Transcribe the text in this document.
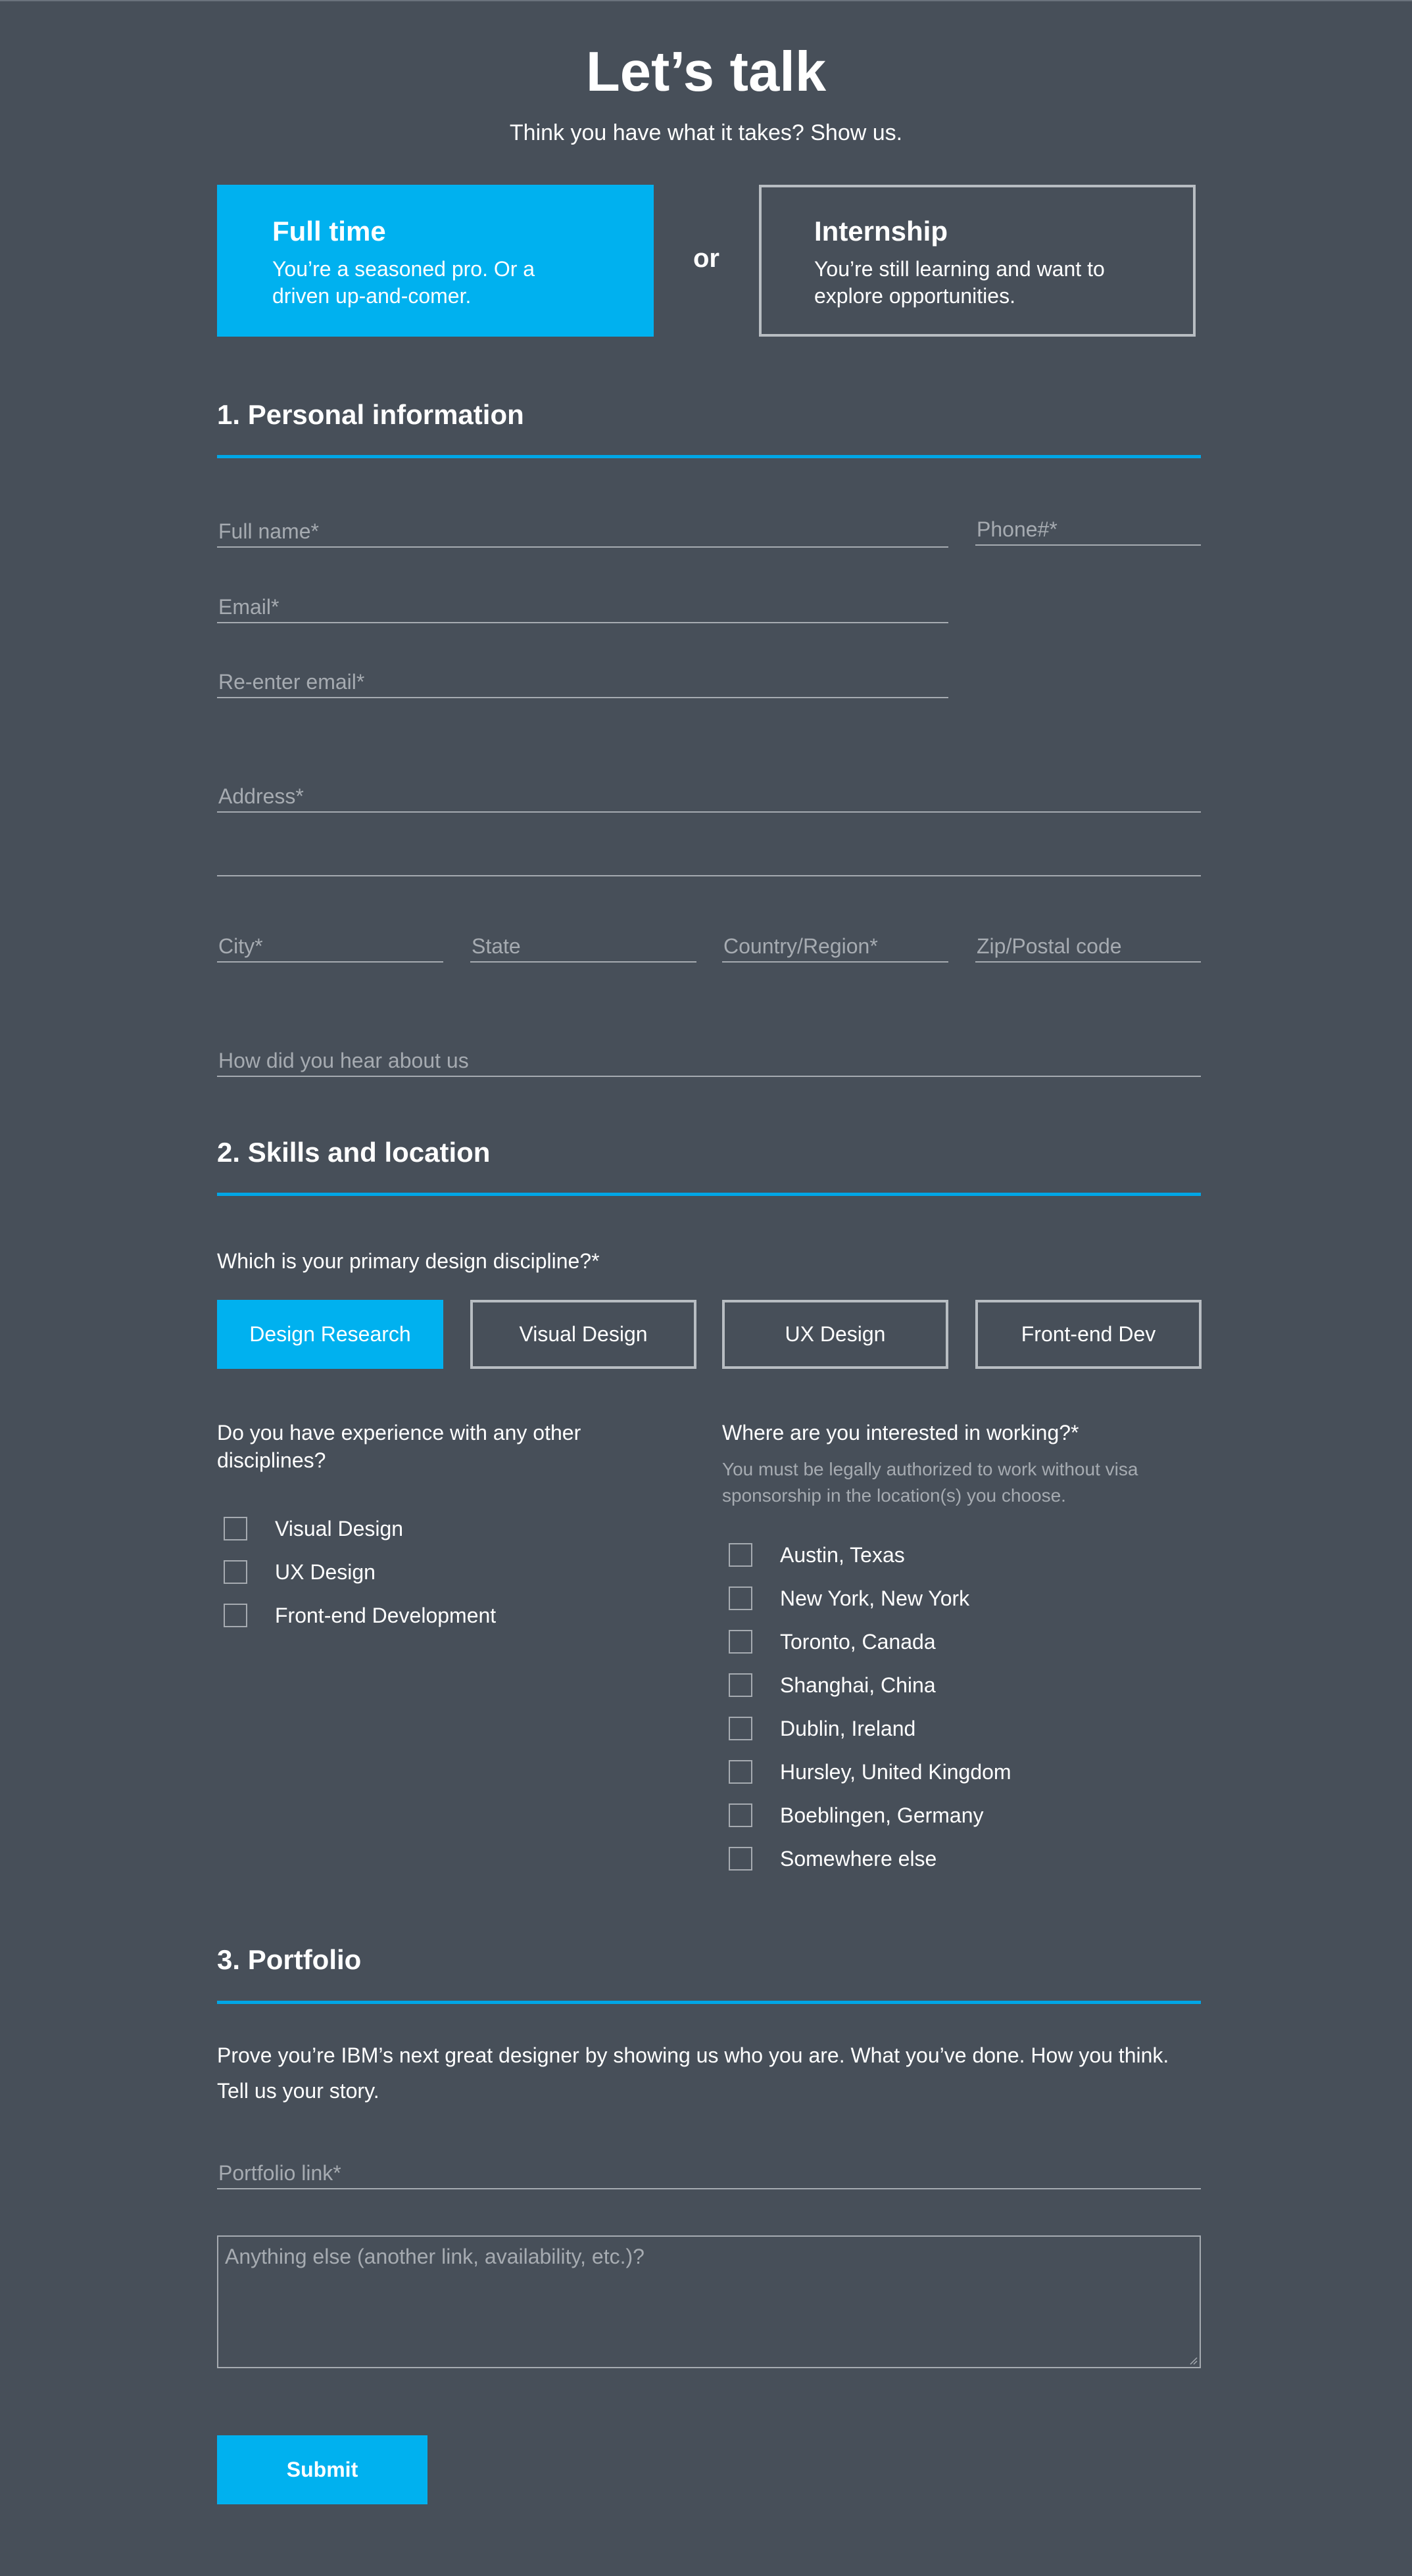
Let’s talk
Think you have what it takes? Show us.
Full time
You’re a seasoned pro. Or a driven up-and-comer.
or
Internship
You’re still learning and want to explore opportunities.
1. Personal information
Full name*
Phone#*
Email*
Re-enter email*
Address*
City*
State
Country/Region*
Zip/Postal code
How did you hear about us
2. Skills and location
Which is your primary design discipline?*
Design Research	Visual Design	UX Design	Front-end Dev
Do you have experience with any other disciplines?
Visual Design
UX Design
Front-end Development
Where are you interested in working?*
You must be legally authorized to work without visa sponsorship in the location(s) you choose.
Austin, Texas
New York, New York
Toronto, Canada
Shanghai, China
Dublin, Ireland
Hursley, United Kingdom
Boeblingen, Germany
Somewhere else
3. Portfolio
Prove you’re IBM’s next great designer by showing us who you are. What you’ve done. How you think. Tell us your story.
Portfolio link*
Anything else (another link, availability, etc.)?
Submit
